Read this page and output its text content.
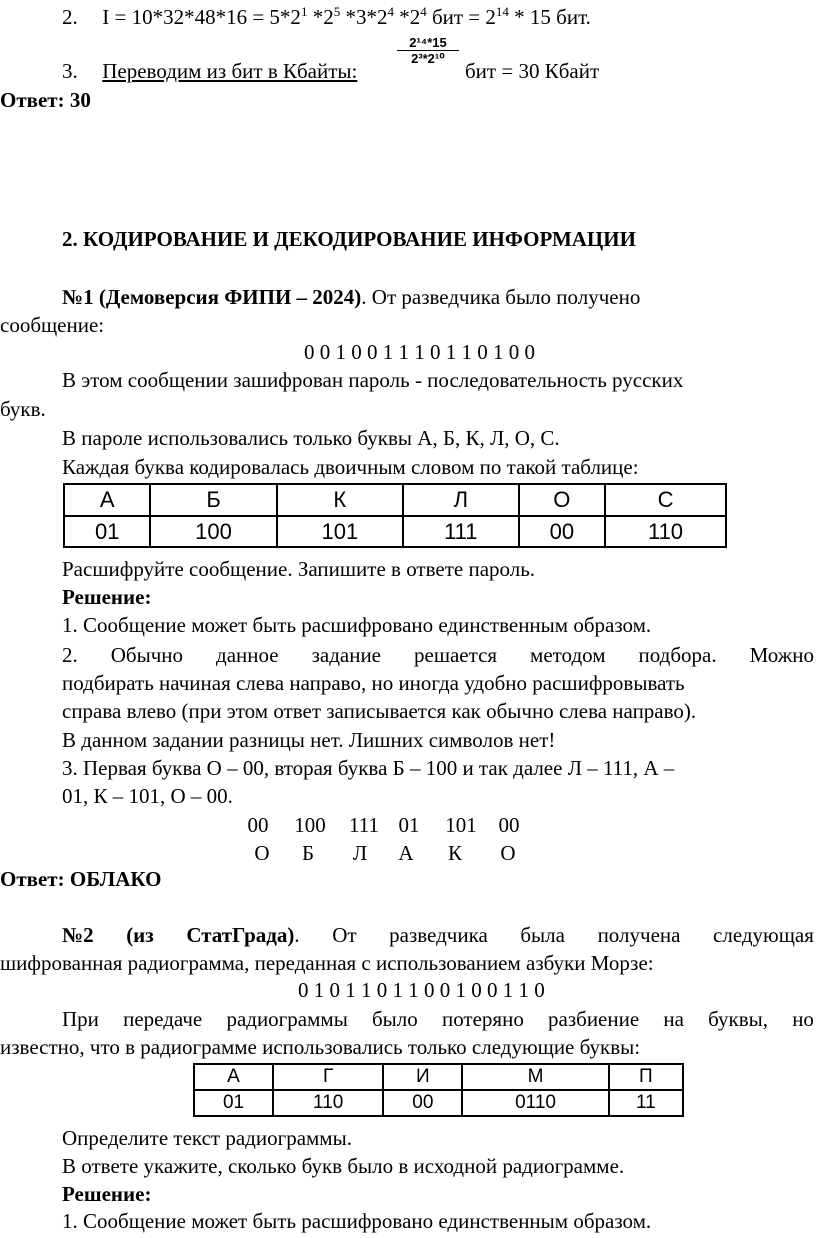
2. $I = 10*32*48*16 = 5*2^1$ $*2^5$ $*3*2^4$ $*2^4$ бит = $2^{14} * 15$ бит.
3. Переводим из бит в Кбайты:
$\frac{\text{2¹⁴*15}}{\text{2³*2¹⁰}}$
бит = 30 Кбайт
Ответ: 30
2. КОДИРОВАНИЕ И ДЕКОДИРОВАНИЕ ИНФОРМАЦИИ
№1 (Демоверсия ФИПИ – 2024). От разведчика было получено
сообщение:
0 0 1 0 0 1 1 1 0 1 1 0 1 0 0
В этом сообщении зашифрован пароль - последовательность русских
букв.
В пароле использовались только буквы А, Б, К, Л, О, С.
Каждая буква кодировалась двоичным словом по такой таблице:
А	Б	К	Л	О	С
01	100	101	111	00	110
Расшифруйте сообщение. Запишите в ответе пароль.
Решение:
1. Сообщение может быть расшифровано единственным образом.
2. Обычно данное задание решается методом подбора. Можно
подбирать начиная слева направо, но иногда удобно расшифровывать
справа влево (при этом ответ записывается как обычно слева направо).
В данном задании разницы нет. Лишних символов нет!
3. Первая буква О – 00, вторая буква Б – 100 и так далее Л – 111, А –
01, К – 101, О – 00.
00	100 111 01	101	00
О	Б	Л	А	К	О
Ответ: ОБЛАКО
№2 (из СтатГрада). От разведчика была получена следующая
шифрованная радиограмма, переданная с использованием азбуки Морзе:
0 1 0 1 1 0 1 1 0 0 1 0 0 1 1 0
При передаче радиограммы было потеряно разбиение на буквы, но
известно, что в радиограмме использовались только следующие буквы:
А	Г	И	М	П
01	110	00	0110	11
Определите текст радиограммы.
В ответе укажите, сколько букв было в исходной радиограмме.
Решение:
1. Сообщение может быть расшифровано единственным образом.
